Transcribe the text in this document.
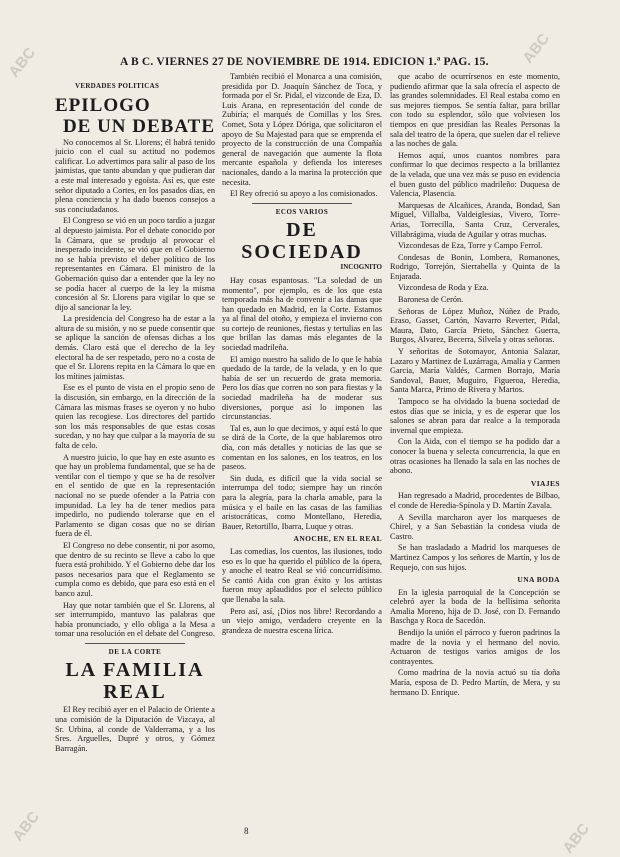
ABC	ABC
ABC	ABC
A B C. VIERNES 27 DE NOVIEMBRE DE 1914. EDICION 1.ª PAG. 15.
VERDADES POLITICAS
EPILOGO
DE UN DEBATE

No conocemos al Sr. Llorens; él habrá tenido juicio con el cual su actitud no podemos calificar. Lo advertimos para salir al paso de los jaimistas, que tanto abundan y que pudieran dar a este mal interesado y egoísta. Así es, que este señor diputado a Cortes, en los pasados días, en plena conciencia y ha dado buenos consejos a sus conciudadanos.

El Congreso se vió en un poco tardío a juzgar al depuesto jaimista. Por el debate conocido por la Cámara, que se produjo al provocar el inesperado incidente, se vió que en el Gobierno no se había previsto el deber político de los representantes en Cámara. El ministro de la Gobernación quiso dar a entender que la ley no se podía hacer al cuerpo de la ley la misma concesión al Sr. Llorens para vigilar lo que se dijo al sancionar la ley.

La presidencia del Congreso ha de estar a la altura de su misión, y no se puede consentir que se aplique la sanción de ofensas dichas a los demás. Claro está que el derecho de la ley electoral ha de ser respetado, pero no a costa de que el Sr. Llorens repita en la Cámara lo que en los mítines jaimistas.

Ese es el punto de vista en el propio seno de la discusión, sin embargo, en la dirección de la Cámara las mismas frases se oyeron y no hubo quien las recogiese. Los directores del partido son los más responsables de que estas cosas sucedan, y no hay que culpar a la mayoría de su falta de celo.

A nuestro juicio, lo que hay en este asunto es que hay un problema fundamental, que se ha de ventilar con el tiempo y que se ha de resolver en el sentido de que en la representación nacional no se puede ofender a la Patria con impunidad. La ley ha de tener medios para impedirlo, no pudiendo tolerarse que en el Parlamento se digan cosas que no se dirían fuera de él.

El Congreso no debe consentir, ni por asomo, que dentro de su recinto se lleve a cabo lo que fuera está prohibido. Y el Gobierno debe dar los pasos necesarios para que el Reglamento se cumpla como es debido, que para eso está en el banco azul.

Hay que notar también que el Sr. Llorens, al ser interrumpido, mantuvo las palabras que había pronunciado, y ello obliga a la Mesa a tomar una resolución en el debate del Congreso.

DE LA CORTE
LA FAMILIA REAL

El Rey recibió ayer en el Palacio de Oriente a una comisión de la Diputación de Vizcaya, al Sr. Urbina, al conde de Valderrama, y a los Sres. Arguelles, Dupré y otros, y Gómez Barragán.

También recibió el Monarca a una comisión, presidida por D. Joaquín Sánchez de Toca, y formada por el Sr. Pidal, el vizconde de Eza, D. Luis Arana, en representación del conde de Zubiría; el marqués de Comillas y los Sres. Comet, Sota y López Dóriga, que solicitaron el apoyo de Su Majestad para que se emprenda el proyecto de la construcción de una Compañía general de navegación que aumente la flota mercante española y defienda los intereses nacionales, dando a la marina la protección que necesita.

El Rey ofreció su apoyo a los comisionados.

ECOS VARIOS
DE SOCIEDAD
INCOGNITO

Hay cosas espantosas. "La soledad de un momento", por ejemplo, es de los que esta temporada más ha de convenir a las damas que han quedado en Madrid, en la Corte. Estamos ya al final del otoño, y empieza el invierno con su cortejo de reuniones, fiestas y tertulias en las que brillan las damas más elegantes de la sociedad madrileña.

El amigo nuestro ha salido de lo que le había quedado de la tarde, de la velada, y en lo que había de ser un recuerdo de grata memoria. Pero los días que corren no son para fiestas y la sociedad madrileña ha de moderar sus diversiones, porque así lo imponen las circunstancias.

Tal es, aun lo que decimos, y aquí está lo que se dirá de la Corte, de la que hablaremos otro día, con más detalles y noticias de las que se comentan en los salones, en los teatros, en los paseos.

Sin duda, es difícil que la vida social se interrumpa del todo; siempre hay un rincón para la alegría, para la charla amable, para la música y el baile en las casas de las familias aristocráticas, como Montellano, Heredia, Bauer, Retortillo, Ibarra, Luque y otras.

ANOCHE, EN EL REAL

Las comedias, los cuentos, las ilusiones, todo eso es lo que ha querido el público de la ópera, y anoche el teatro Real se vió concurridísimo. Se cantó Aida con gran éxito y los artistas fueron muy aplaudidos por el selecto público que llenaba la sala.

Pero así, así, ¡Dios nos libre! Recordando a un viejo amigo, verdadero creyente en la grandeza de nuestra escena lírica.

que acabo de ocurrírsenos en este momento, pudiendo afirmar que la sala ofrecía el aspecto de las grandes solemnidades. El Real estaba como en sus mejores tiempos. Se sentía faltar, para brillar con todo su esplendor, sólo que volviesen los tiempos en que presidían las Reales Personas la sala del teatro de la ópera, que suelen dar el relieve a las noches de gala.

Hemos aquí, unos cuantos nombres para confirmar lo que decimos respecto a la brillantez de la velada, que una vez más se puso en evidencia el buen gusto del público madrileño: Duquesa de Valencia, Plasencia.

Marquesas de Alcañices, Aranda, Bondad, San Miguel, Villalba, Valdeiglesias, Vivero, Torre-Arias, Torrecilla, Santa Cruz, Cerverales, Villabrágima, viuda de Aguilar y otras muchas.

Vizcondesas de Eza, Torre y Campo Ferrol.

Condesas de Bonin, Lombera, Romanones, Rodrigo, Torrejón, Sierrabella y Quinta de la Enjarada.

Vizcondesa de Roda y Eza.

Baronesa de Cerón.

Señoras de López Muñoz, Núñez de Prado, Eraso, Gasset, Cartón, Navarro Reverter, Pidal, Maura, Dato, García Prieto, Sánchez Guerra, Burgos, Alvarez, Becerra, Silvela y otras señoras.

Y señoritas de Sotomayor, Antonia Salazar, Lazaro y Martinez de Luzárraga, Amalia y Carmen Garcia, María Valdés, Carmen Borrajo, María Sandoval, Bauer, Muguiro, Figueroa, Heredia, Santa Marca, Primo de Rivera y Martos.

Tampoco se ha olvidado la buena sociedad de estos días que se inicia, y es de esperar que los salones se abran para dar realce a la temporada invernal que empieza.

Con la Aida, con el tiempo se ha podido dar a conocer la buena y selecta concurrencia, la que en otras ocasiones ha llenado la sala en las noches de abono.

VIAJES

Han regresado a Madrid, procedentes de Bilbao, el conde de Heredia-Spínola y D. Martín Zavala.

A Sevilla marcharon ayer los marqueses de Chirel, y a San Sebastián la condesa viuda de Castro.

Se han trasladado a Madrid los marqueses de Martinez Campos y los señores de Martín, y los de Requejo, con sus hijos.

UNA BODA

En la iglesia parroquial de la Concepción se celebró ayer la boda de la bellísima señorita Amalia Moreno, hija de D. José, con D. Fernando Baschga y Roca de Sacedón.

Bendijo la unión el párroco y fueron padrinos la madre de la novia y el hermano del novio. Actuaron de testigos varios amigos de los contrayentes.

Como madrina de la novia actuó su tía doña María, esposa de D. Pedro Martín, de Mera, y su hermano D. Enrique.

8
